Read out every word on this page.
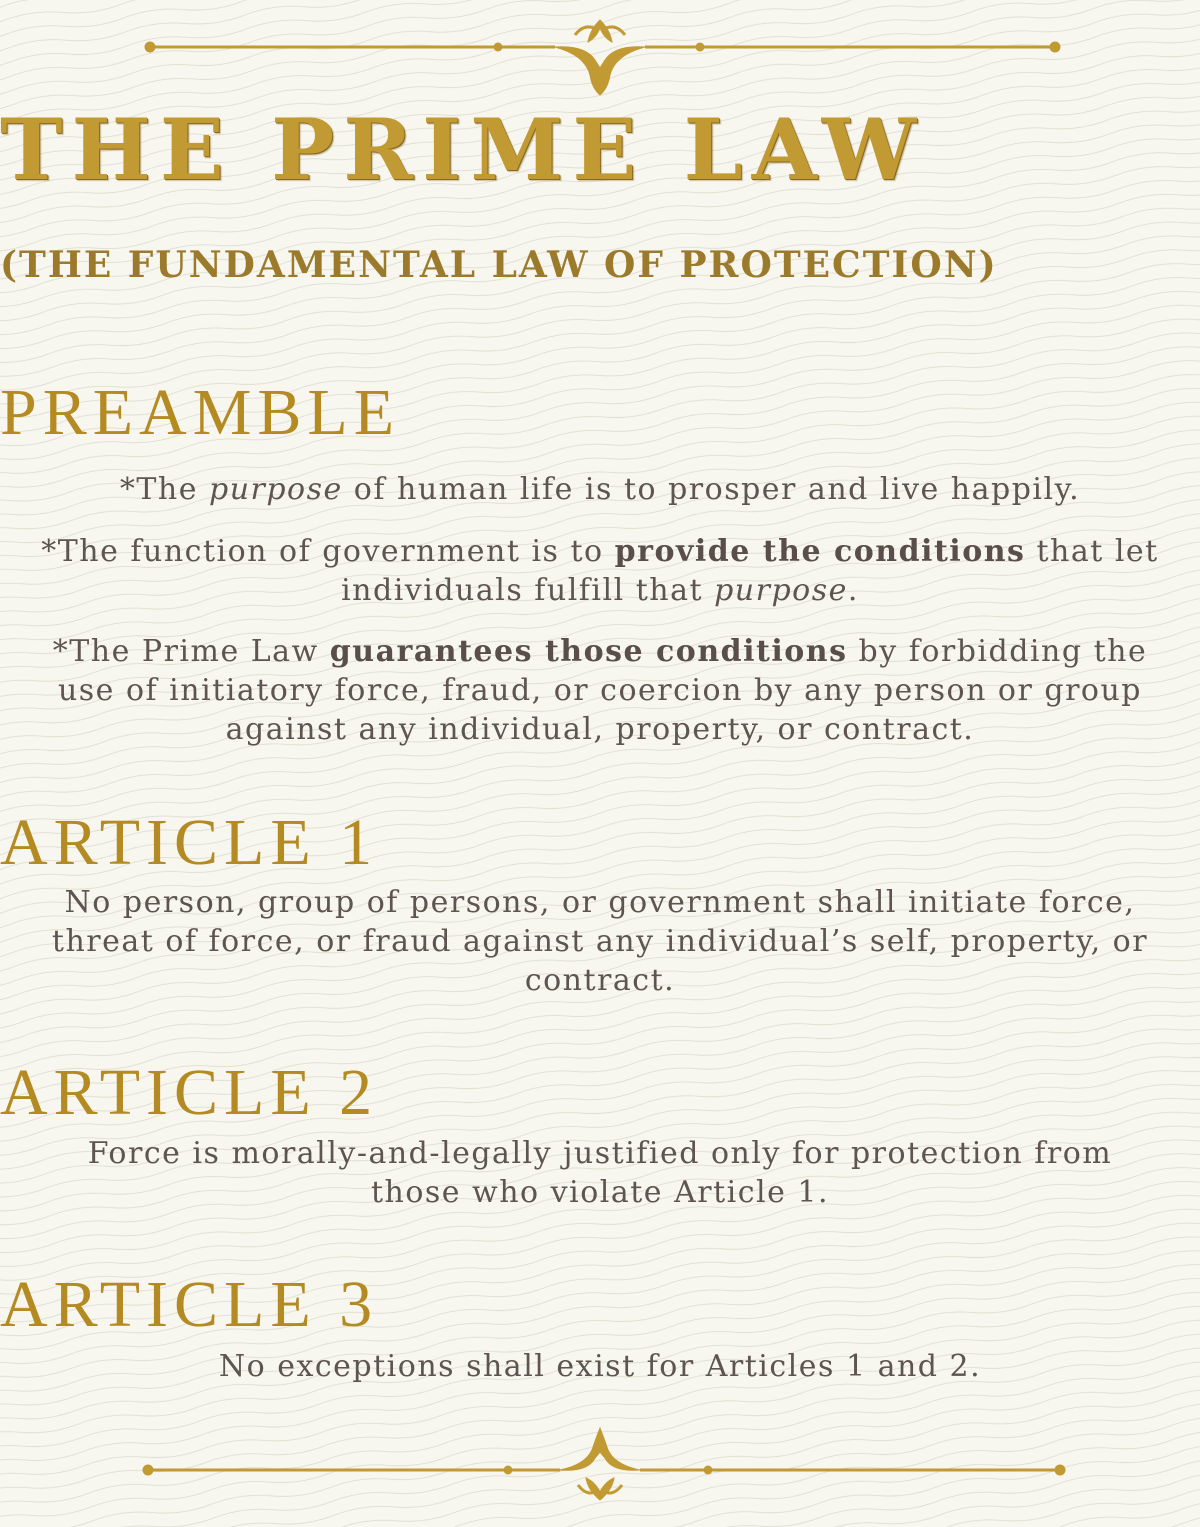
THE PRIME LAW
(THE FUNDAMENTAL LAW OF PROTECTION)
PREAMBLE
*The purpose of human life is to prosper and live happily.
*The function of government is to provide the conditions that let individuals fulfill that purpose.
*The Prime Law guarantees those conditions by forbidding the use of initiatory force, fraud, or coercion by any person or group against any individual, property, or contract.
ARTICLE 1
No person, group of persons, or government shall initiate force, threat of force, or fraud against any individual’s self, property, or contract.
ARTICLE 2
Force is morally-and-legally justified only for protection from those who violate Article 1.
ARTICLE 3
No exceptions shall exist for Articles 1 and 2.
